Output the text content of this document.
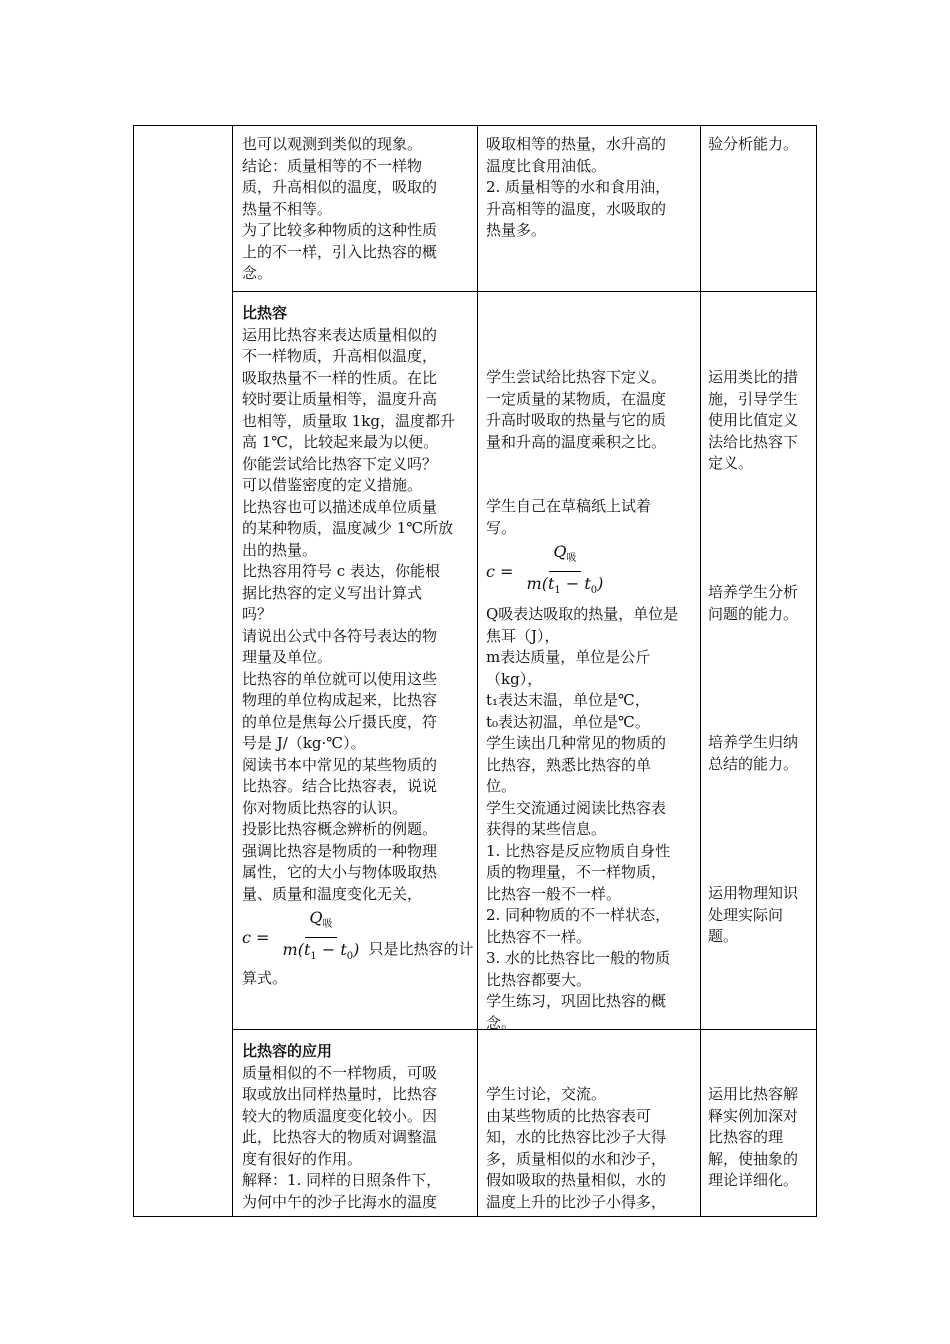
也可以观测到类似的现象。

结论：质量相等的不一样物

质，升高相似的温度，吸取的

热量不相等。

为了比较多种物质的这种性质

上的不一样，引入比热容的概

念。

吸取相等的热量，水升高的

温度比食用油低。

2. 质量相等的水和食用油，

升高相等的温度，水吸取的

热量多。

验分析能力。

比热容

运用比热容来表达质量相似的

不一样物质，升高相似温度，

吸取热量不一样的性质。在比

较时要让质量相等，温度升高

也相等，质量取 1kg，温度都升

高 1℃，比较起来最为以便。

你能尝试给比热容下定义吗？

可以借鉴密度的定义措施。

比热容也可以描述成单位质量

的某种物质，温度减少 1℃所放

出的热量。

比热容用符号 c 表达，你能根

据比热容的定义写出计算式

吗？

请说出公式中各符号表达的物

理量及单位。

比热容的单位就可以使用这些

物理的单位构成起来，比热容

的单位是焦每公斤摄氏度，符

号是 J/（kg·℃）。

阅读书本中常见的某些物质的

比热容。结合比热容表，说说

你对物质比热容的认识。

投影比热容概念辨析的例题。

强调比热容是物质的一种物理

属性，它的大小与物体吸取热

量、质量和温度变化无关，

$c = \frac{Q_吸}{m(t_1 - t_0)}$ 只是比热容的计

算式。

学生尝试给比热容下定义。

一定质量的某物质，在温度

升高时吸取的热量与它的质

量和升高的温度乘积之比。

学生自己在草稿纸上试着

写。

$c = \frac{Q_吸}{m(t_1 - t_0)}$

Q吸表达吸取的热量，单位是

焦耳（J），

m表达质量，单位是公斤

（kg），

t₁表达末温，单位是℃，

t₀表达初温，单位是℃。

学生读出几种常见的物质的

比热容，熟悉比热容的单

位。

学生交流通过阅读比热容表

获得的某些信息。

1. 比热容是反应物质自身性

质的物理量，不一样物质，

比热容一般不一样。

2. 同种物质的不一样状态，

比热容不一样。

3. 水的比热容比一般的物质

比热容都要大。

学生练习，巩固比热容的概

念。

运用类比的措

施，引导学生

使用比值定义

法给比热容下

定义。

培养学生分析

问题的能力。

培养学生归纳

总结的能力。

运用物理知识

处理实际问

题。

比热容的应用

质量相似的不一样物质，可吸

取或放出同样热量时，比热容

较大的物质温度变化较小。因

此，比热容大的物质对调整温

度有很好的作用。

解释：1. 同样的日照条件下，

为何中午的沙子比海水的温度

学生讨论，交流。

由某些物质的比热容表可

知，水的比热容比沙子大得

多，质量相似的水和沙子，

假如吸取的热量相似，水的

温度上升的比沙子小得多，

运用比热容解

释实例加深对

比热容的理

解，使抽象的

理论详细化。
